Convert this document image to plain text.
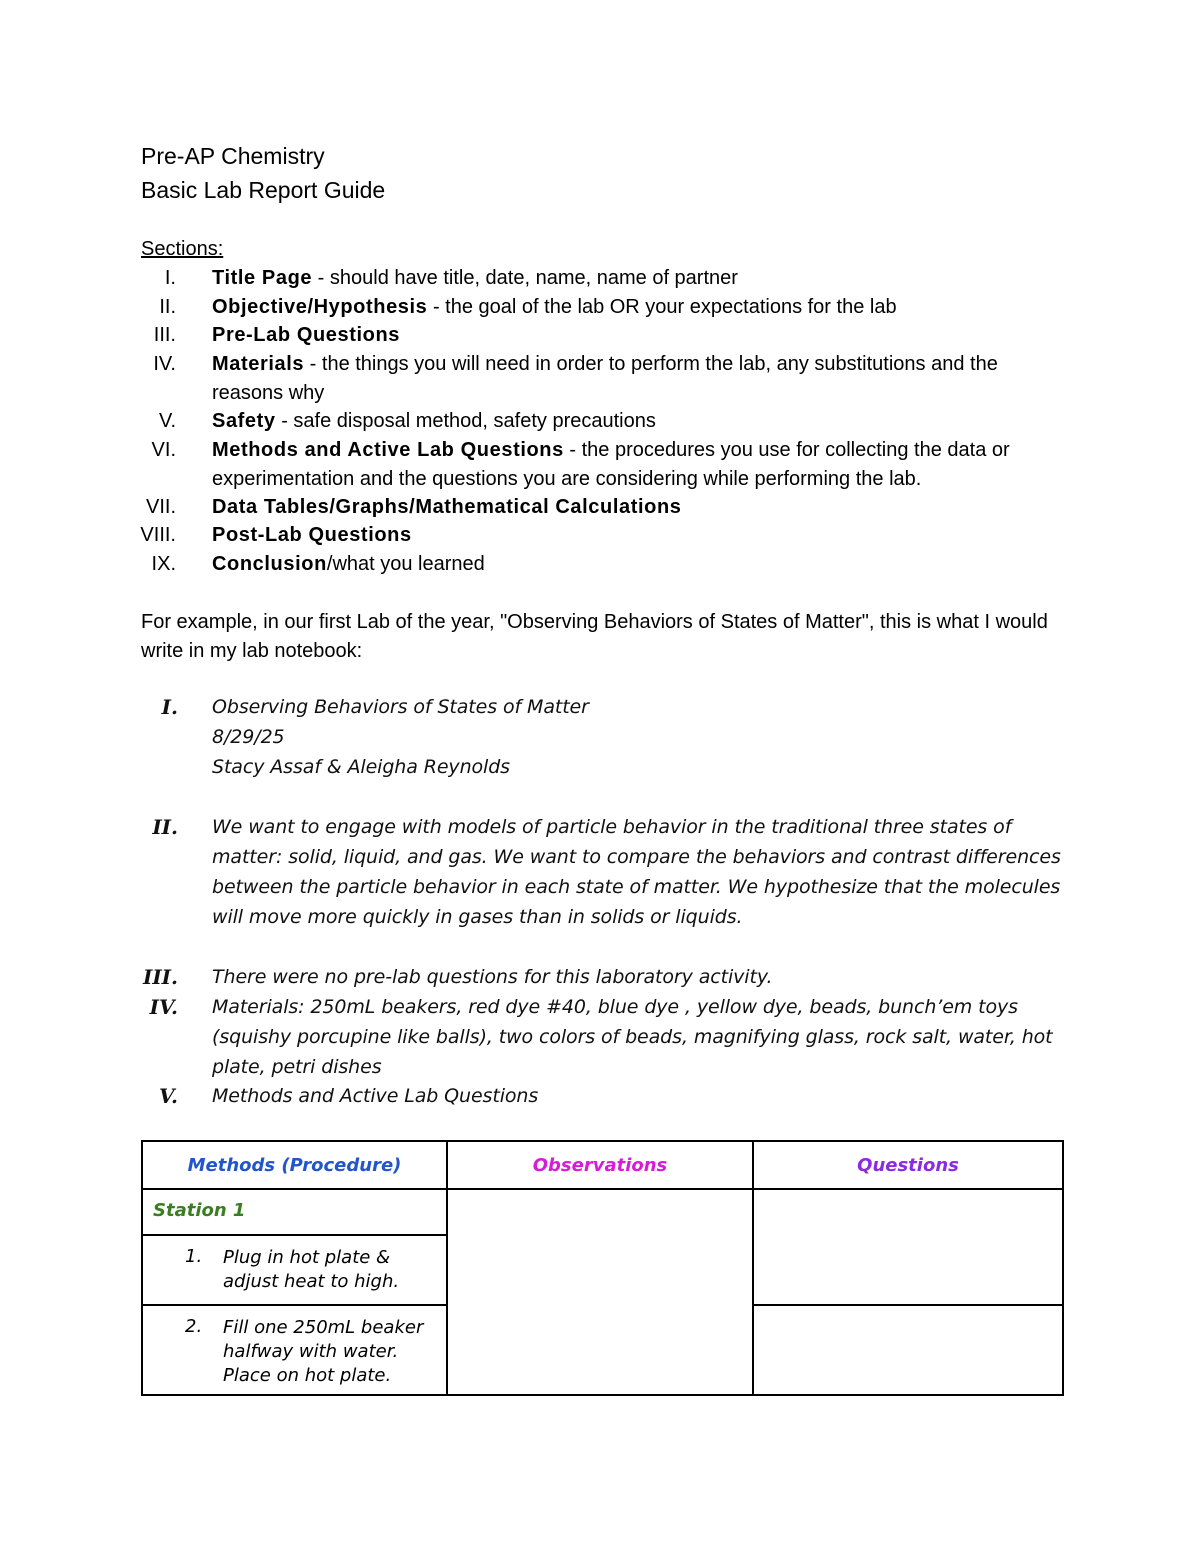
Pre-AP Chemistry
Basic Lab Report Guide
Sections:
I. Title Page - should have title, date, name, name of partner
II. Objective/Hypothesis - the goal of the lab OR your expectations for the lab
III. Pre-Lab Questions
IV. Materials - the things you will need in order to perform the lab, any substitutions and the reasons why
V. Safety - safe disposal method, safety precautions
VI. Methods and Active Lab Questions - the procedures you use for collecting the data or experimentation and the questions you are considering while performing the lab.
VII. Data Tables/Graphs/Mathematical Calculations
VIII. Post-Lab Questions
IX. Conclusion/what you learned
For example, in our first Lab of the year, "Observing Behaviors of States of Matter", this is what I would write in my lab notebook:
I. Observing Behaviors of States of Matter
8/29/25
Stacy Assaf & Aleigha Reynolds
II. We want to engage with models of particle behavior in the traditional three states of matter: solid, liquid, and gas. We want to compare the behaviors and contrast differences between the particle behavior in each state of matter. We hypothesize that the molecules will move more quickly in gases than in solids or liquids.
III. There were no pre-lab questions for this laboratory activity.
IV. Materials: 250mL beakers, red dye #40, blue dye , yellow dye, beads, bunch’em toys (squishy porcupine like balls), two colors of beads, magnifying glass, rock salt, water, hot plate, petri dishes
V. Methods and Active Lab Questions
Methods (Procedure)	Observations	Questions
Station 1		

1. Plug in hot plate & adjust heat to high.		

2. Fill one 250mL beaker halfway with water. Place on hot plate.		
